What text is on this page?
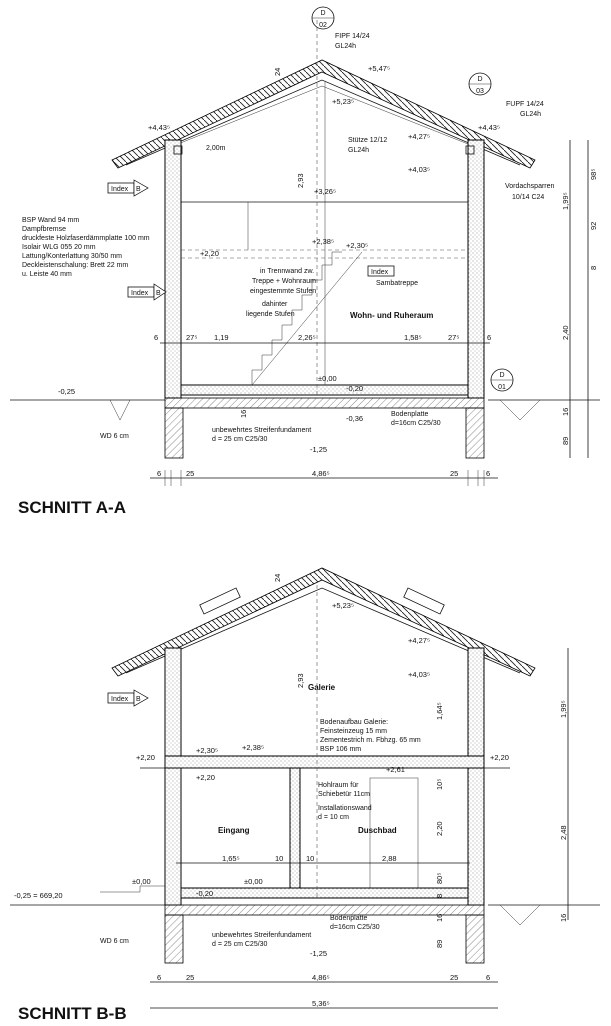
D
02
D
03
D
01
Index B
Index B
Index
+5,47⁵
+5,23⁵
+4,43⁵	+4,43⁵
+4,27⁵
+4,03⁵
+3,26⁵
+2,38⁵ +2,30⁵
+2,20
±0,00
-0,20
-0,36
-1,25
-0,25
FIPF 14/24
GL24h
FUPF 14/24
GL24h
Stütze 12/12
GL24h
Vordachsparren
10/14 C24
2,00m
BSP Wand 94 mm
Dampfbremse
druckfeste Holzfaserdämmplatte 100 mm
Isolair WLG 055 20 mm
Lattung/Konterlattung 30/50 mm
Deckleistenschalung: Brett 22 mm
u. Leiste 40 mm	in Trennwand zw.
Treppe + Wohnraum
eingestemmte Stufen
dahinter
liegende Stufen
Sambatreppe
Wohn- und Ruheraum
WD 6 cm
unbewehrtes Streifenfundament
d = 25 cm C25/30
Bodenplatte
d=16cm C25/30
6	25	4,86⁵	25	6
6	27⁵ 1,19	2,26⁵	1,58⁵	27⁵	6
2,93
24
16
98⁵
1,99⁵
92
8
2,40
16
89
SCHNITT A-A
Index B
+5,23⁵
+4,27⁵
+4,03⁵
+2,20
+2,30⁵
+2,20
+2,38⁵
+2,61
+2,20
±0,00	±0,00
-0,20
-1,25
-0,25 = 669,20
Galerie
Bodenaufbau Galerie:
Feinsteinzeug 15 mm
Zementestrich m. Fbhzg. 65 mm
BSP 106 mm
Hohlraum für
Schiebetür 11cm
Installationswand
d = 10 cm
Eingang	Duschbad
WD 6 cm
unbewehrtes Streifenfundament
d = 25 cm C25/30
Bodenplatte
d=16cm C25/30
1,65⁵	10	10	2,88
2,93
1,64⁵
2,20
80⁵
10⁵
8
24
16
89
1,99⁵
2,48
16
6	25	4,86⁵	25	6
5,36⁵
SCHNITT B-B
